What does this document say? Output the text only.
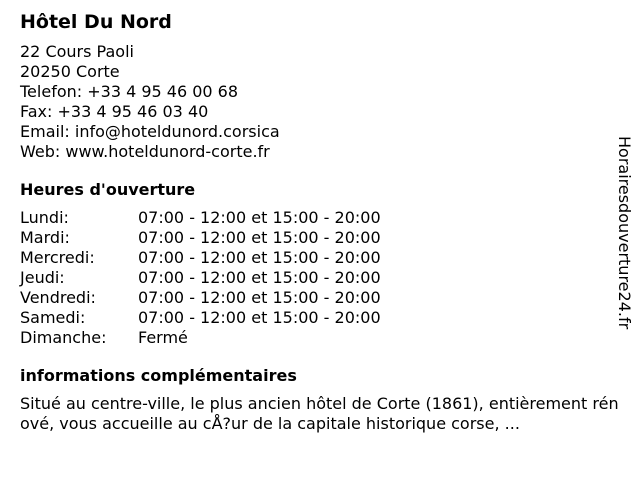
Hôtel Du Nord
22 Cours Paoli
20250 Corte
Telefon: +33 4 95 46 00 68
Fax: +33 4 95 46 03 40
Email: info@hoteldunord.corsica
Web: www.hoteldunord-corte.fr
Heures d'ouverture
Lundi:	07:00 - 12:00 et 15:00 - 20:00
Mardi:	07:00 - 12:00 et 15:00 - 20:00
Mercredi:	07:00 - 12:00 et 15:00 - 20:00
Jeudi:	07:00 - 12:00 et 15:00 - 20:00
Vendredi:	07:00 - 12:00 et 15:00 - 20:00
Samedi:	07:00 - 12:00 et 15:00 - 20:00
Dimanche:	Fermé
informations complémentaires
Situé au centre-ville, le plus ancien hôtel de Corte (1861), entièrement rénové, vous accueille au cÅ?ur de la capitale historique corse, ...
Horairesdouverture24.fr
